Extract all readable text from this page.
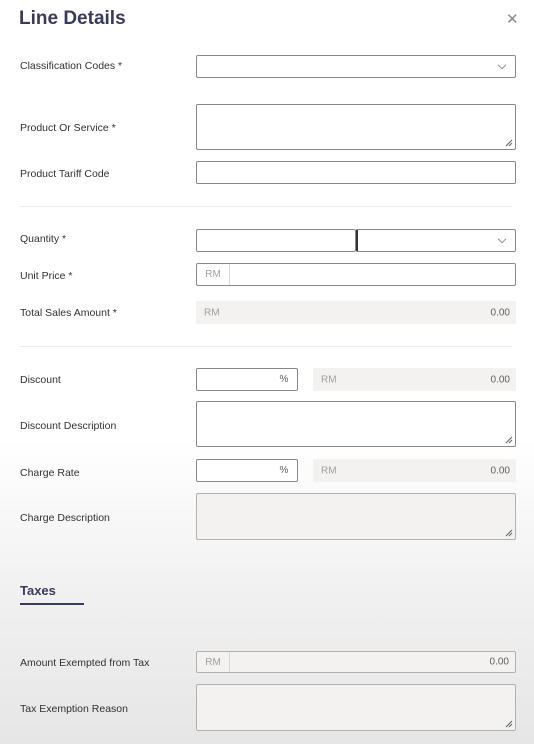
Line Details	✕
Classification Codes *
Product Or Service *
Product Tariff Code
Quantity *
Unit Price *	RM
Total Sales Amount *	RM	0.00
Discount	%	RM	0.00
Discount Description
Charge Rate	%	RM	0.00
Charge Description
Taxes
Amount Exempted from Tax	RM	0.00
Tax Exemption Reason
